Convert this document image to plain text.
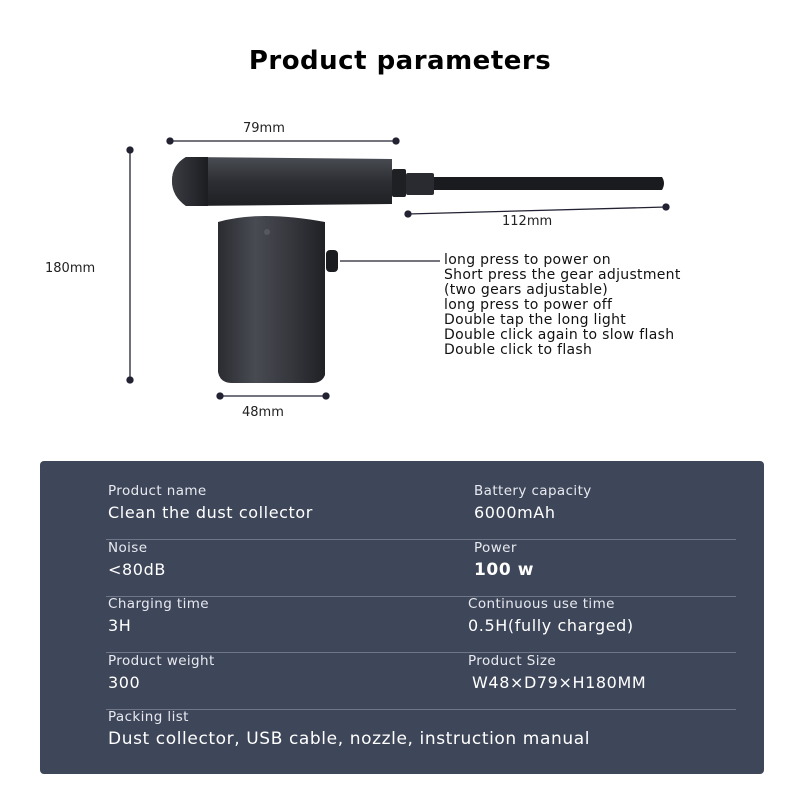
Product parameters
79mm
112mm
180mm
48mm
long press to power on
Short press the gear adjustment
(two gears adjustable)
long press to power off
Double tap the long light
Double click again to slow flash
Double click to flash
Product name
Clean the dust collector
Battery capacity
6000mAh
Noise
<80dB
Power
100 w
Charging time
3H
Continuous use time
0.5H(fully charged)
Product weight
300
Product Size
W48×D79×H180MM
Packing list
Dust collector, USB cable, nozzle, instruction manual
